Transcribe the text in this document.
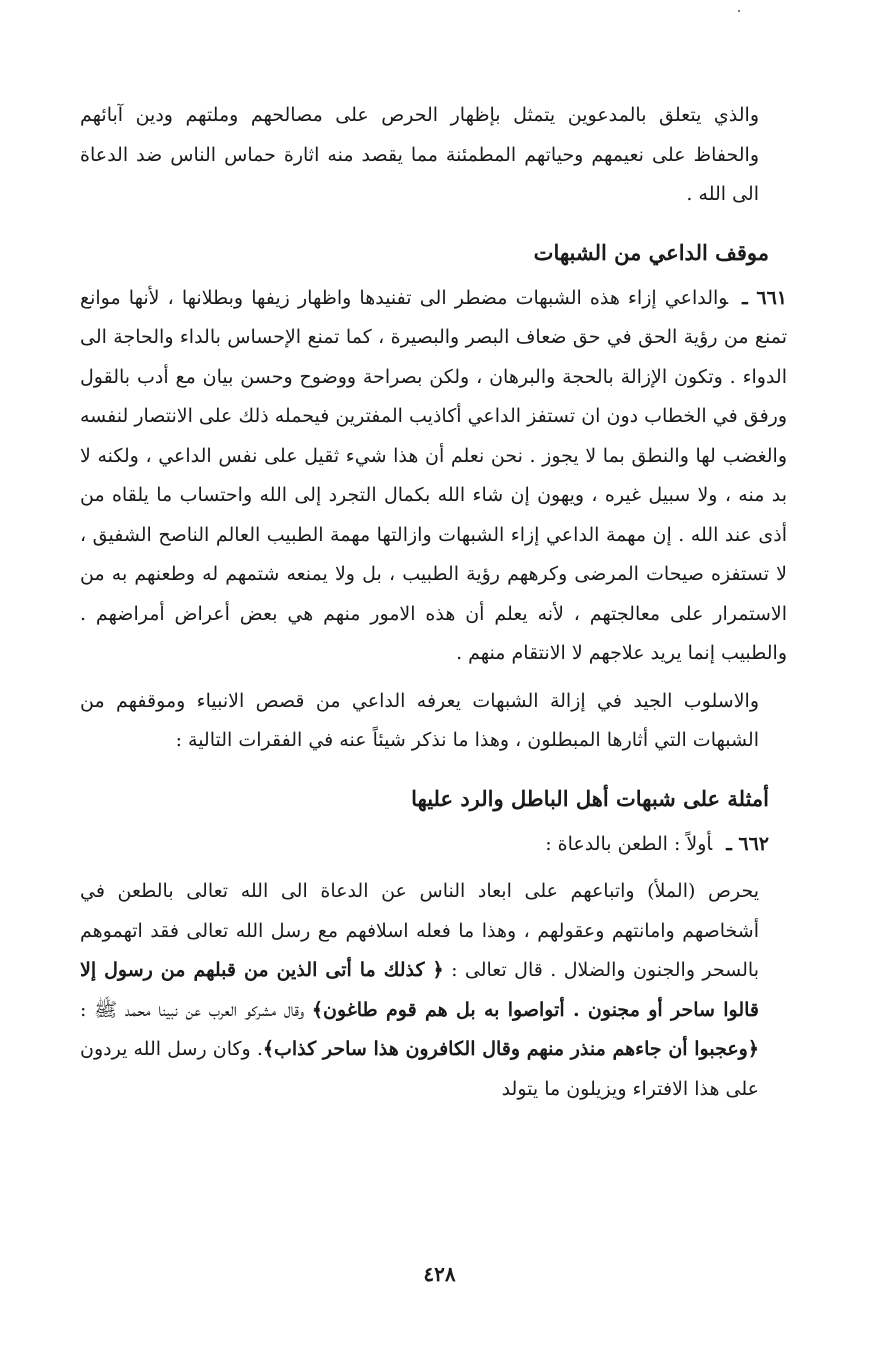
والذي يتعلق بالمدعوين يتمثل بإظهار الحرص على مصالحهم وملتهم ودين آبائهم والحفاظ على نعيمهم وحياتهم المطمئنة مما يقصد منه اثارة حماس الناس ضد الدعاة الى الله .

موقف الداعي من الشبهات

٦٦١ ـوالداعي إزاء هذه الشبهات مضطر الى تفنيدها واظهار زيفها وبطلانها ، لأنها موانع تمنع من رؤية الحق في حق ضعاف البصر والبصيرة ، كما تمنع الإحساس بالداء والحاجة الى الدواء . وتكون الإزالة بالحجة والبرهان ، ولكن بصراحة ووضوح وحسن بيان مع أدب بالقول ورفق في الخطاب دون ان تستفز الداعي أكاذيب المفترين فيحمله ذلك على الانتصار لنفسه والغضب لها والنطق بما لا يجوز . نحن نعلم أن هذا شيء ثقيل على نفس الداعي ، ولكنه لا بد منه ، ولا سبيل غيره ، ويهون إن شاء الله بكمال التجرد إلى الله واحتساب ما يلقاه من أذى عند الله . إن مهمة الداعي إزاء الشبهات وازالتها مهمة الطبيب العالم الناصح الشفيق ، لا تستفزه صيحات المرضى وكرههم رؤية الطبيب ، بل ولا يمنعه شتمهم له وطعنهم به من الاستمرار على معالجتهم ، لأنه يعلم أن هذه الامور منهم هي بعض أعراض أمراضهم . والطبيب إنما يريد علاجهم لا الانتقام منهم .

والاسلوب الجيد في إزالة الشبهات يعرفه الداعي من قصص الانبياء وموقفهم من الشبهات التي أثارها المبطلون ، وهذا ما نذكر شيئاً عنه في الفقرات التالية :

أمثلة على شبهات أهل الباطل والرد عليها

٦٦٢ ـأولاً : الطعن بالدعاة :

يحرص (الملأ) واتباعهم على ابعاد الناس عن الدعاة الى الله تعالى بالطعن في أشخاصهم وامانتهم وعقولهم ، وهذا ما فعله اسلافهم مع رسل الله تعالى فقد اتهموهم بالسحر والجنون والضلال . قال تعالى : ﴿ كذلك ما أتى الذين من قبلهم من رسول إلا قالوا ساحر أو مجنون . أتواصوا به بل هم قوم طاغون﴾ وقال مشركو العرب عن نبينا محمد ﷺ : ﴿وعجبوا أن جاءهم منذر منهم وقال الكافرون هذا ساحر كذاب﴾. وكان رسل الله يردون على هذا الافتراء ويزيلون ما يتولد

٤٢٨
